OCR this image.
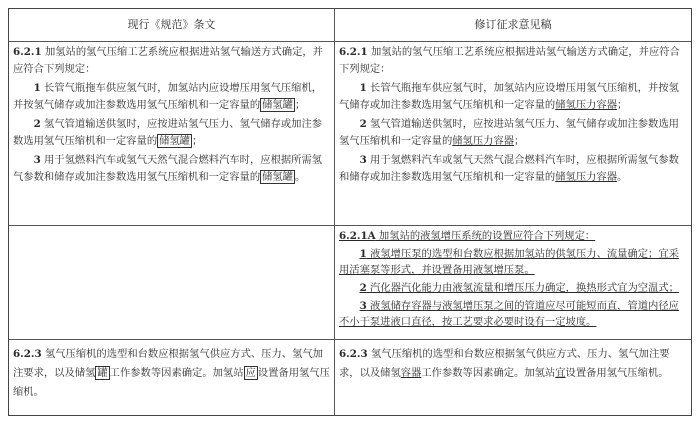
现行《规范》条文	修订征求意见稿

6.2.1 加氢站的氢气压缩工艺系统应根据进站氢气输送方式确定，并应符合下列规定：

1 长管气瓶拖车供应氢气时，加氢站内应设增压用氢气压缩机，并按氢气储存或加注参数选用氢气压缩机和一定容量的 储氢罐 ；

2 氢气管道输送供氢时，应按进站氢气压力、氢气储存或加注参数选用氢气压缩机和一定容量的 储氢罐 ；

3 用于氢燃料汽车或氢气天然气混合燃料汽车时，应根据所需氢气参数和储存或加注参数选用氢气压缩机和一定容量的 储氢罐 。

6.2.3 氢气压缩机的选型和台数应根据氢气供应方式、压力、氢气加注要求，以及储氢 罐 工作参数等因素确定。加氢站 应 设置备用氢气压缩机。

6.2.1 加氢站的氢气压缩工艺系统应根据进站氢气输送方式确定，并应符合下列规定：

1 长管气瓶拖车供应氢气时，加氢站内应设增压用氢气压缩机，并按氢气储存或加注参数选用氢气压缩机和一定容量的储氢压力容器；

2 氢气管道输送供氢时，应按进站氢气压力、氢气储存或加注参数选用氢气压缩机和一定容量的储氢压力容器；

3 用于氢燃料汽车或氢气天然气混合燃料汽车时，应根据所需氢气参数和储存或加注参数选用氢气压缩机和一定容量的储氢压力容器。

6.2.1A 加氢站的液氢增压系统的设置应符合下列规定：

1 液氢增压泵的选型和台数应根据加氢站的供氢压力、流量确定；宜采用活塞泵等形式，并设置备用液氢增压泵。

2 汽化器汽化能力由液氢流量和增压压力确定，换热形式宜为空温式；

3 液氢储存容器与液氢增压泵之间的管道应尽可能短而直，管道内径应不小于泵进液口直径，按工艺要求必要时设有一定坡度。

6.2.3 氢气压缩机的选型和台数应根据氢气供应方式、压力、氢气加注要求，以及储氢容器工作参数等因素确定。加氢站宜设置备用氢气压缩机。
